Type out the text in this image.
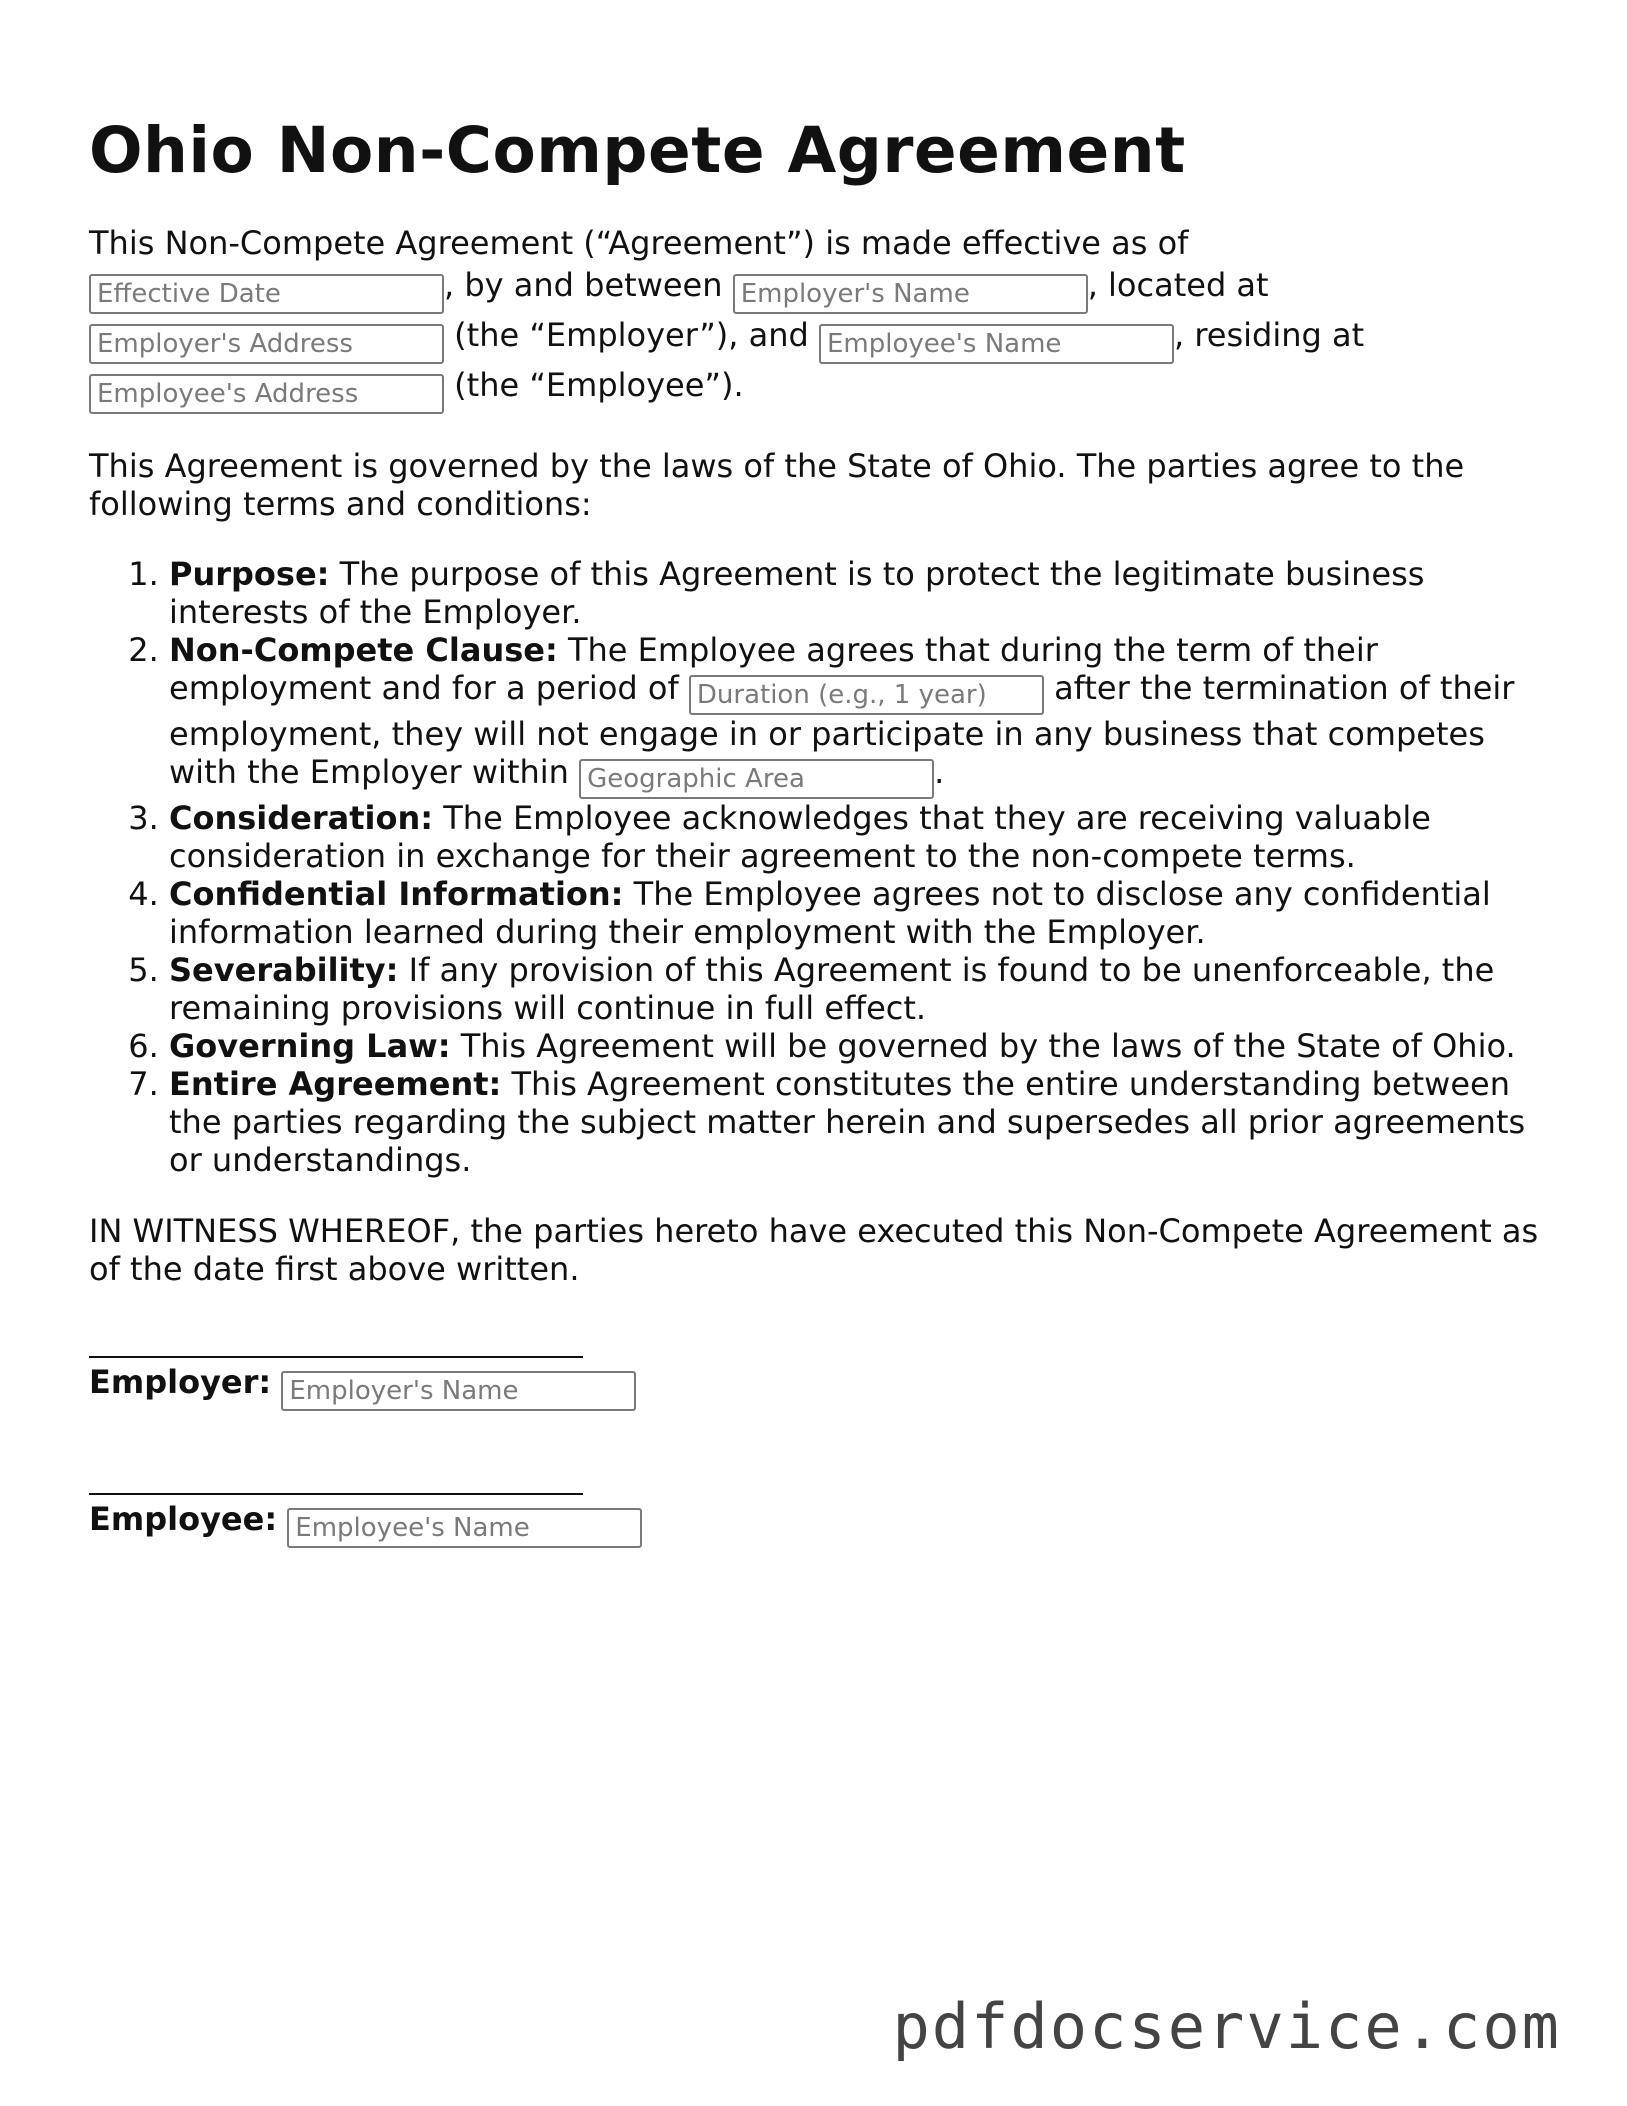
Ohio Non-Compete Agreement

This Non-Compete Agreement (“Agreement”) is made effective as of
Effective Date, by and between Employer's Name	, located at
Employer's Address (the “Employer”), and Employee's Name	, residing at
Employee's Address (the “Employee”).

This Agreement is governed by the laws of the State of Ohio. The parties agree to the following terms and conditions:

1. Purpose: The purpose of this Agreement is to protect the legitimate business interests of the Employer.
2. Non-Compete Clause: The Employee agrees that during the term of their employment and for a period of Duration (e.g., 1 year)	after the termination of their employment, they will not engage in or participate in any business that competes with the Employer within Geographic Area	.
3. Consideration: The Employee acknowledges that they are receiving valuable consideration in exchange for their agreement to the non-compete terms.
4. Confidential Information: The Employee agrees not to disclose any confidential information learned during their employment with the Employer.
5. Severability: If any provision of this Agreement is found to be unenforceable, the remaining provisions will continue in full effect.
6. Governing Law: This Agreement will be governed by the laws of the State of Ohio.
7. Entire Agreement: This Agreement constitutes the entire understanding between the parties regarding the subject matter herein and supersedes all prior agreements or understandings.

IN WITNESS WHEREOF, the parties hereto have executed this Non-Compete Agreement as of the date first above written.

Employer: Employer's Name
Employee: Employee's Name
pdfdocservice.com
